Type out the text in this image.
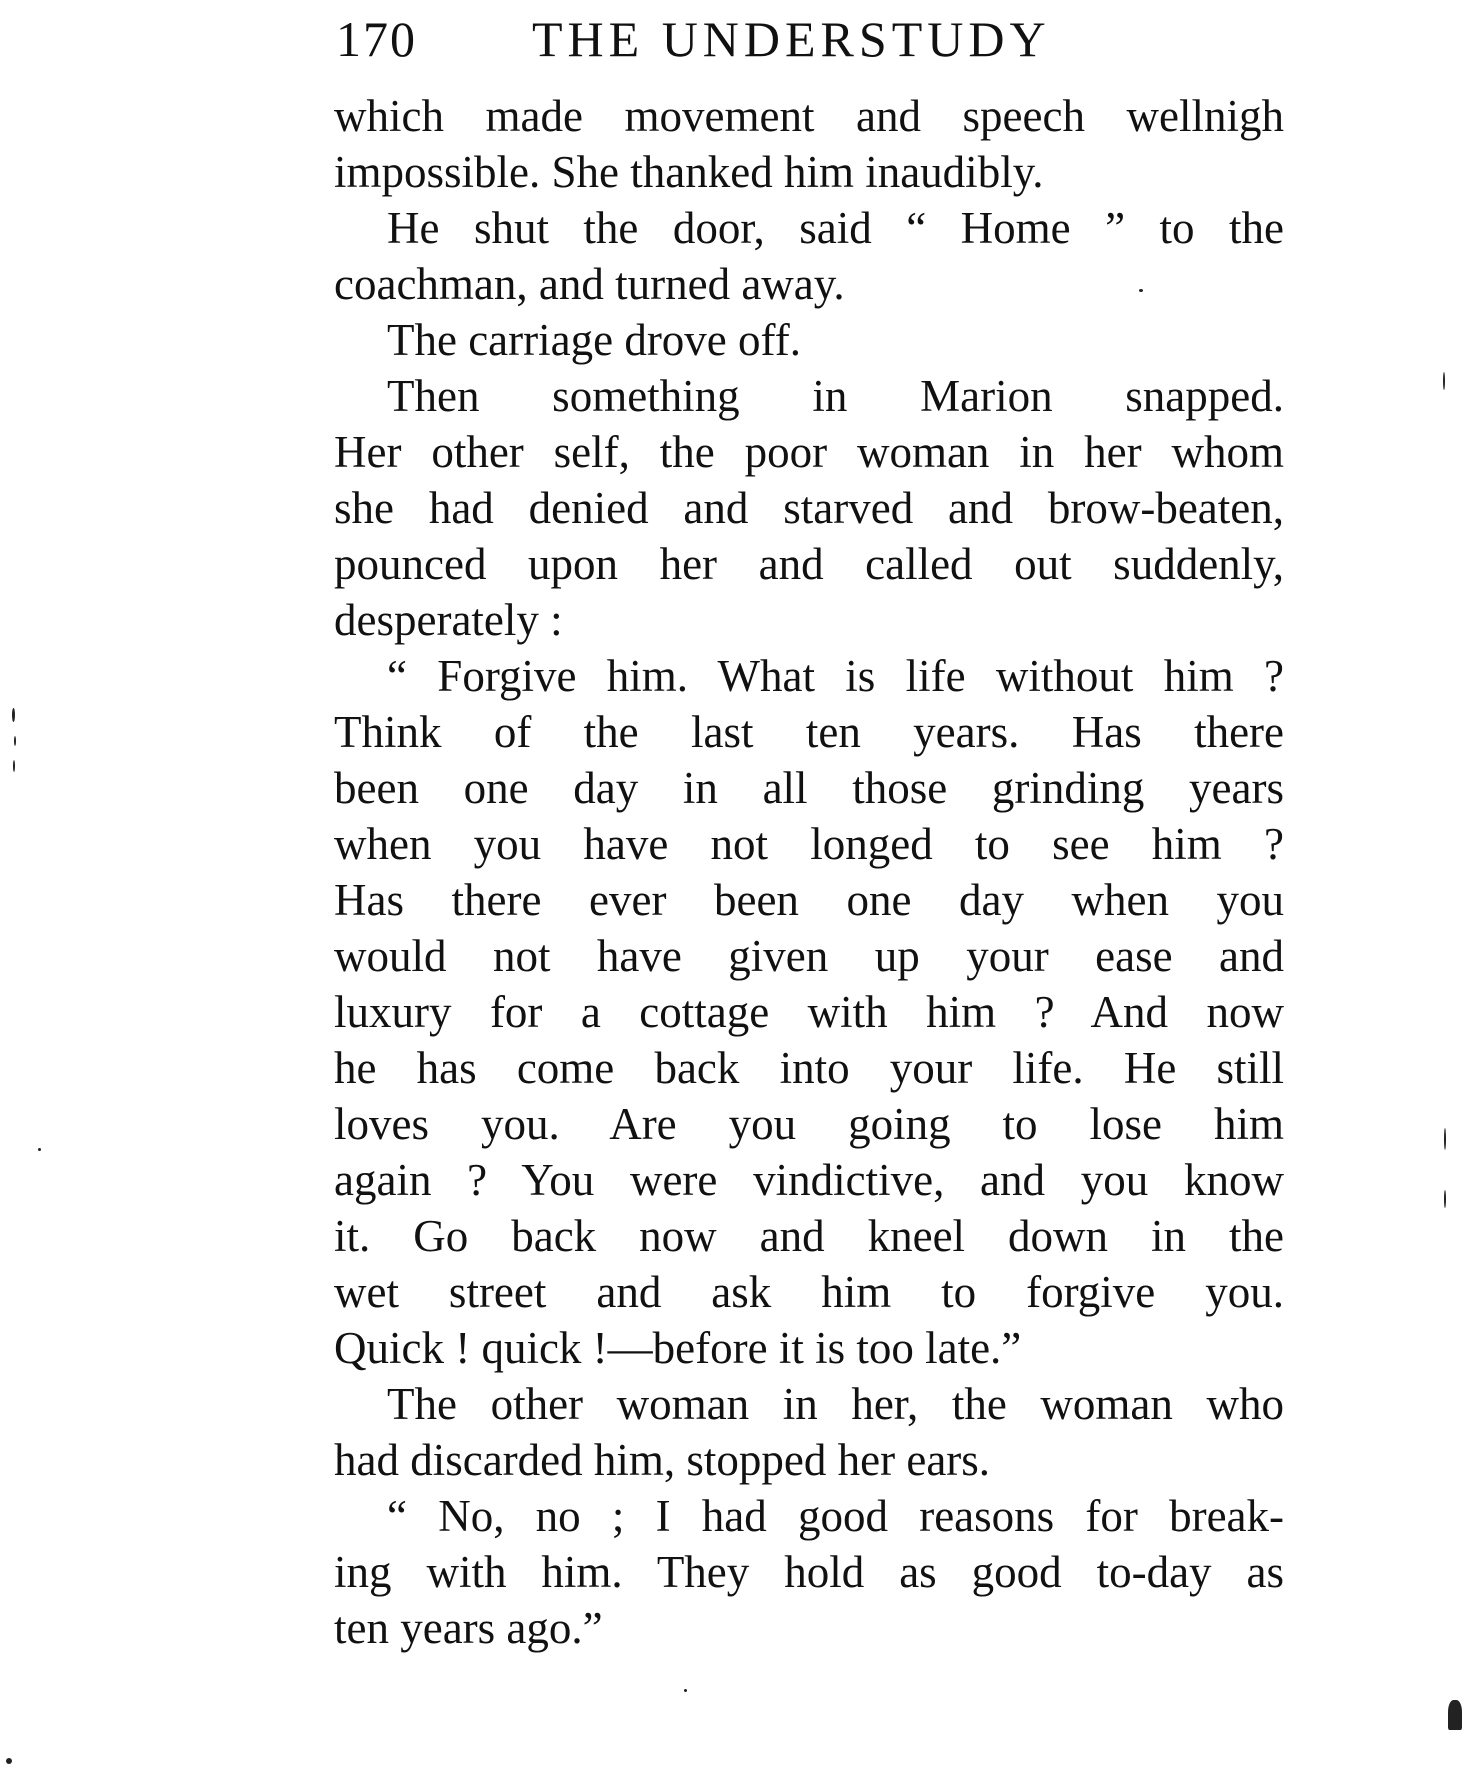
170 THE UNDERSTUDY
which made movement and speech wellnigh
impossible. She thanked him inaudibly.
He shut the door, said “ Home ” to the
coachman, and turned away.
The carriage drove off.
Then something in Marion snapped.
Her other self, the poor woman in her whom
she had denied and starved and brow-beaten,
pounced upon her and called out suddenly,
desperately :
“ Forgive him. What is life without him ?
Think of the last ten years. Has there
been one day in all those grinding years
when you have not longed to see him ?
Has there ever been one day when you
would not have given up your ease and
luxury for a cottage with him ? And now
he has come back into your life. He still
loves you. Are you going to lose him
again ? You were vindictive, and you know
it. Go back now and kneel down in the
wet street and ask him to forgive you.
Quick ! quick !—before it is too late.”
The other woman in her, the woman who
had discarded him, stopped her ears.
“ No, no ; I had good reasons for break-
ing with him. They hold as good to-day as
ten years ago.”
